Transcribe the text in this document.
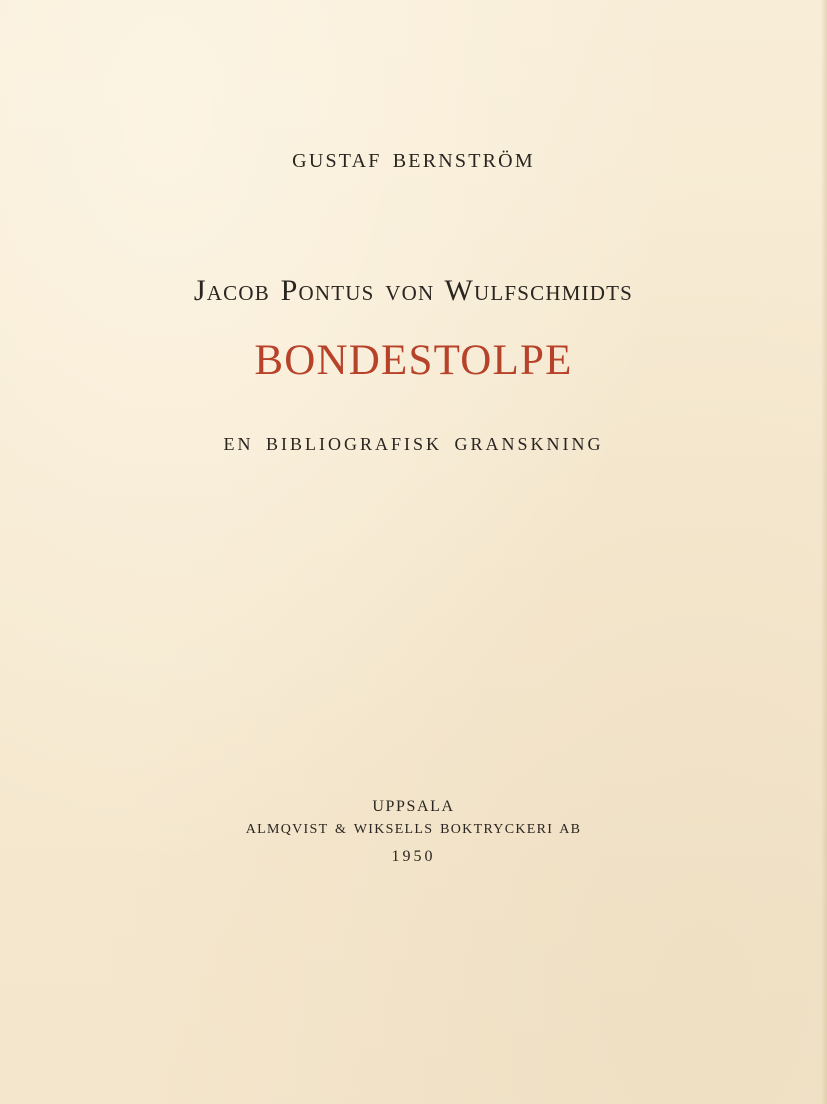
GUSTAF BERNSTRÖM
Jacob Pontus von Wulfschmidts
BONDESTOLPE
EN BIBLIOGRAFISK GRANSKNING
UPPSALA
ALMQVIST & WIKSELLS BOKTRYCKERI AB
1950
